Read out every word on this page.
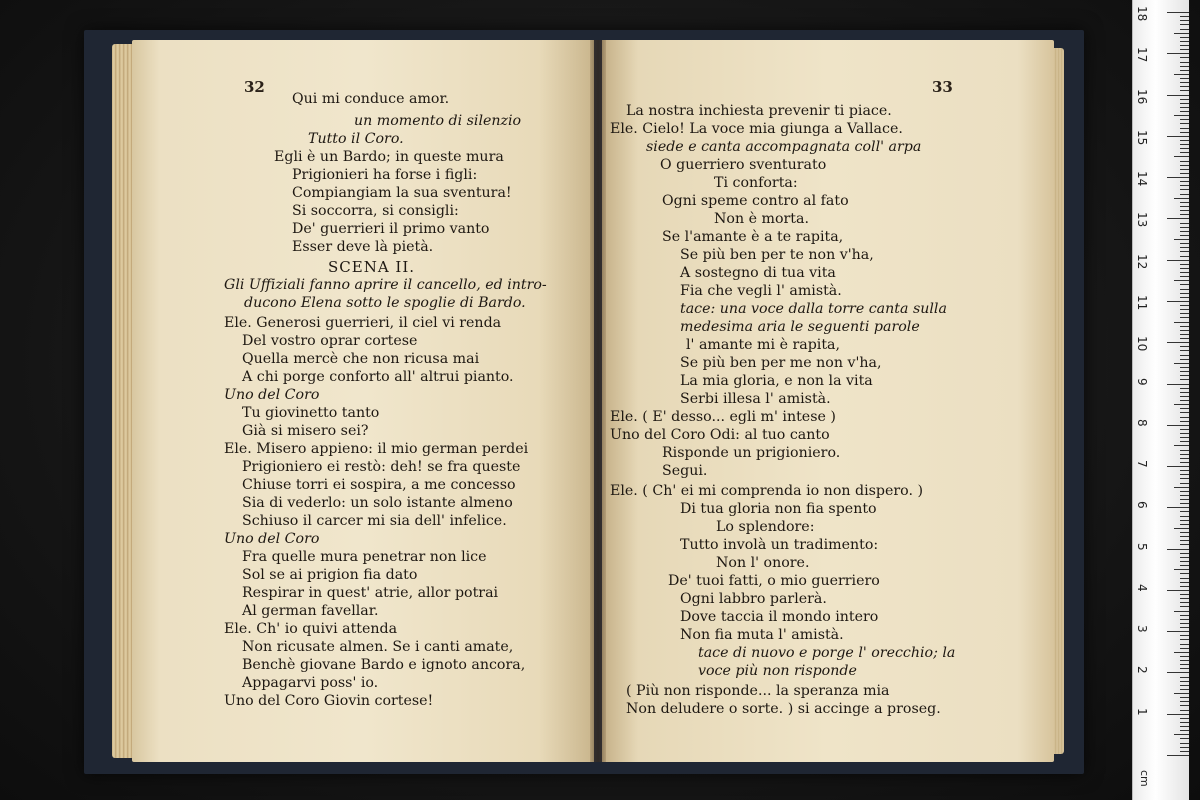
32
Qui mi conduce amor.
un momento di silenzio
Tutto il Coro.
Egli è un Bardo; in queste mura
Prigionieri ha forse i figli:
Compiangiam la sua sventura!
Si soccorra, si consigli:
De' guerrieri il primo vanto
Esser deve là pietà.
SCENA II.
Gli Uffiziali fanno aprire il cancello, ed intro-
ducono Elena sotto le spoglie di Bardo.
Ele. Generosi guerrieri, il ciel vi renda
Del vostro oprar cortese
Quella mercè che non ricusa mai
A chi porge conforto all' altrui pianto.
Uno del Coro
Tu giovinetto tanto
Già si misero sei?
Ele. Misero appieno: il mio german perdei
Prigioniero ei restò: deh! se fra queste
Chiuse torri ei sospira, a me concesso
Sia di vederlo: un solo istante almeno
Schiuso il carcer mi sia dell' infelice.
Uno del Coro
Fra quelle mura penetrar non lice
Sol se ai prigion fia dato
Respirar in quest' atrie, allor potrai
Al german favellar.
Ele. Ch' io quivi attenda
Non ricusate almen. Se i canti amate,
Benchè giovane Bardo e ignoto ancora,
Appagarvi poss' io.
Uno del Coro Giovin cortese!
33
La nostra inchiesta prevenir ti piace.
Ele. Cielo! La voce mia giunga a Vallace.
siede e canta accompagnata coll' arpa
O guerriero sventurato
Ti conforta:
Ogni speme contro al fato
Non è morta.
Se l'amante è a te rapita,
Se più ben per te non v'ha,
A sostegno di tua vita
Fia che vegli l' amistà.
tace: una voce dalla torre canta sulla
medesima aria le seguenti parole
l' amante mi è rapita,
Se più ben per me non v'ha,
La mia gloria, e non la vita
Serbi illesa l' amistà.
Ele. ( E' desso... egli m' intese )
Uno del Coro Odi: al tuo canto
Risponde un prigioniero.
Segui.
Ele. ( Ch' ei mi comprenda io non dispero. )
Di tua gloria non fia spento
Lo splendore:
Tutto involà un tradimento:
Non l' onore.
De' tuoi fatti, o mio guerriero
Ogni labbro parlerà.
Dove taccia il mondo intero
Non fia muta l' amistà.
tace di nuovo e porge l' orecchio; la
voce più non risponde
( Più non risponde... la speranza mia
Non deludere o sorte. ) si accinge a proseg.
cm
1
2
3
4
5
6
7
8
9
10
11
12
13
14
15
16
17
18
